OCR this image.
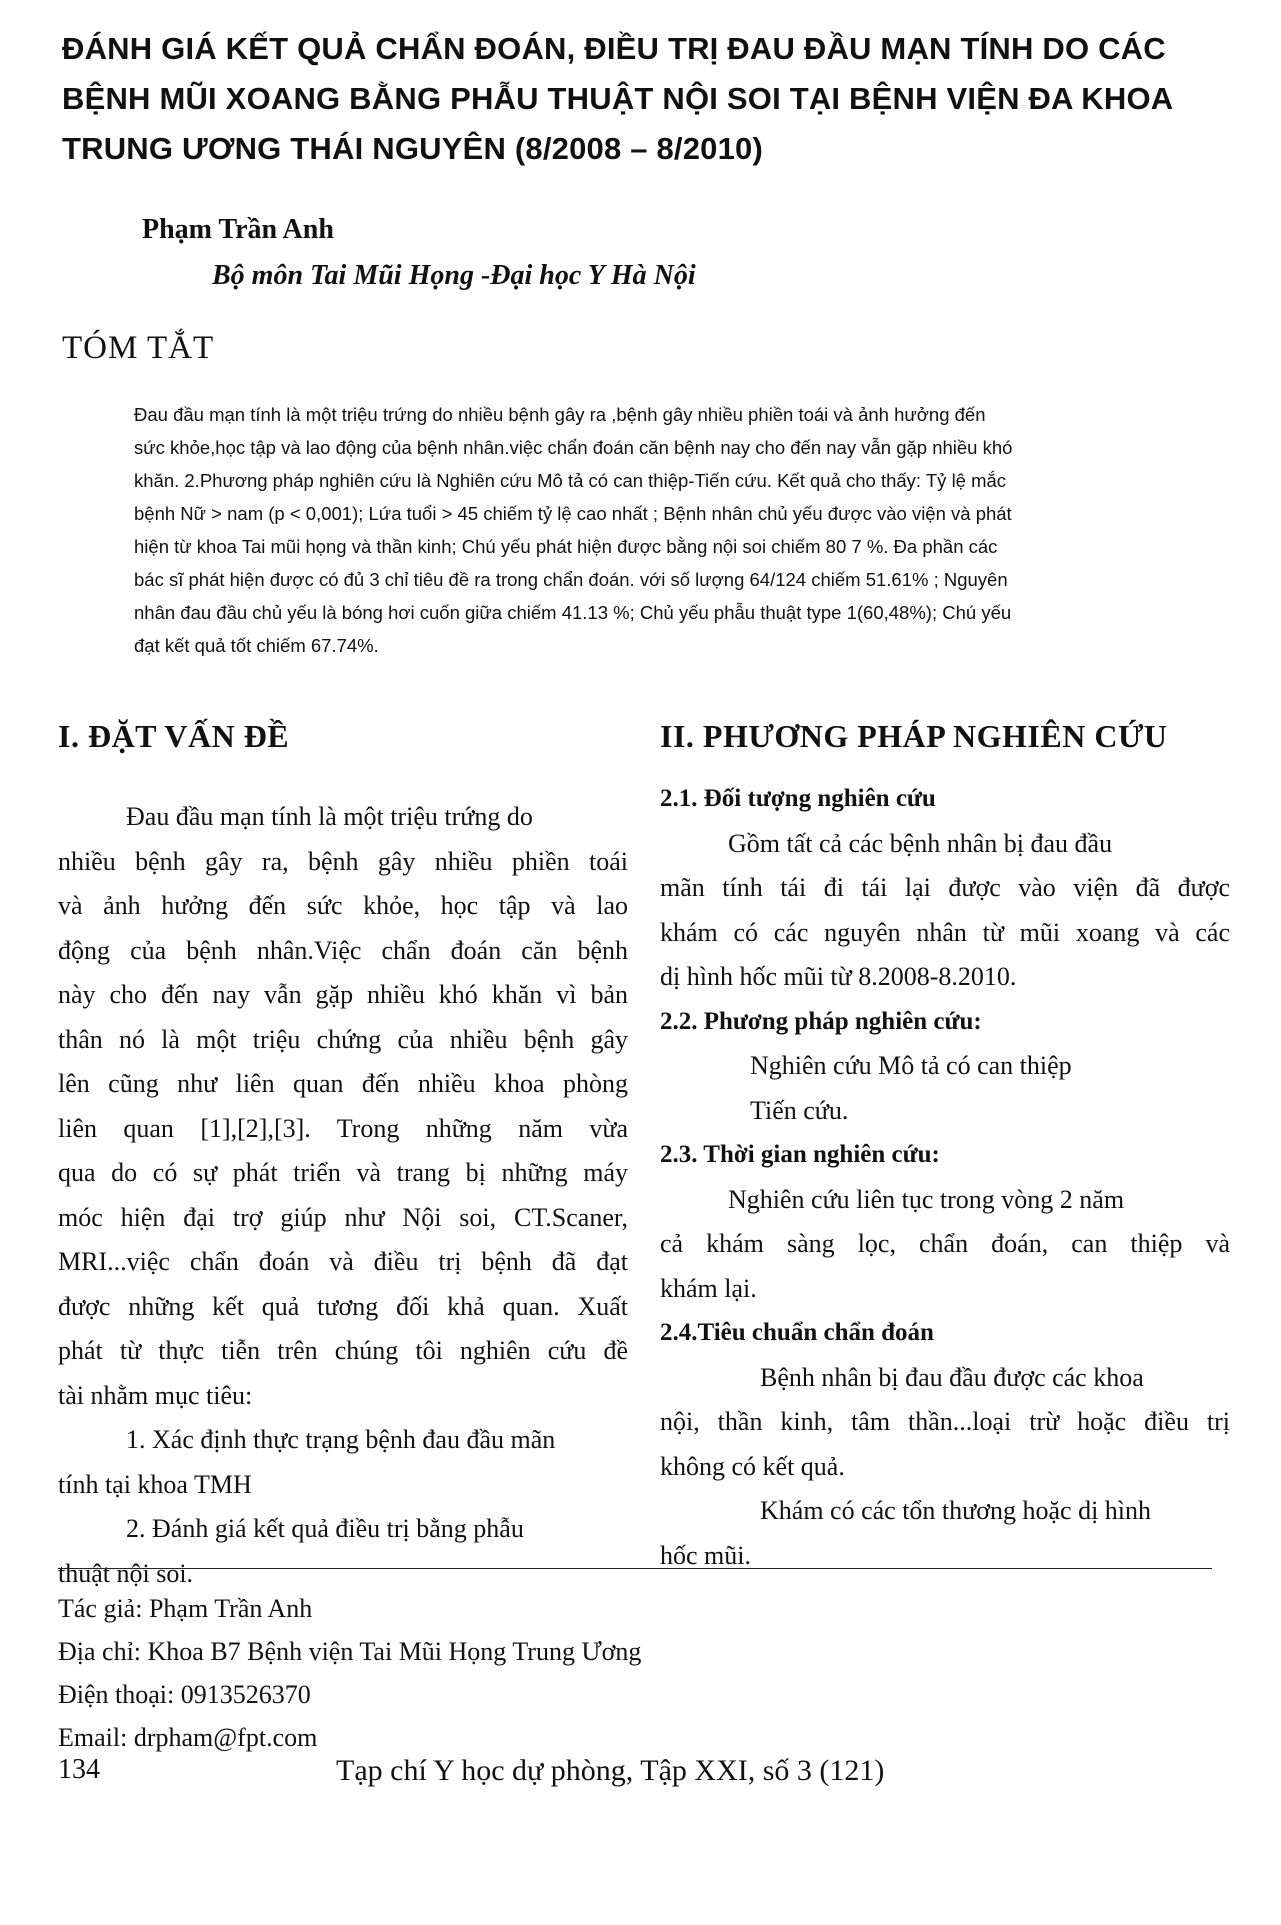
ĐÁNH GIÁ KẾT QUẢ CHẨN ĐOÁN, ĐIỀU TRỊ ĐAU ĐẦU MẠN TÍNH DO CÁC
BỆNH MŨI XOANG BẰNG PHẪU THUẬT NỘI SOI TẠI BỆNH VIỆN ĐA KHOA
TRUNG ƯƠNG THÁI NGUYÊN (8/2008 – 8/2010)
Phạm Trần Anh
Bộ môn Tai Mũi Họng -Đại học Y Hà Nội
TÓM TẮT
Đau đầu mạn tính là một triệu trứng do nhiều bệnh gây ra ,bệnh gây nhiều phiền toái và ảnh hưởng đến
sức khỏe,học tập và lao động của bệnh nhân.việc chẩn đoán căn bệnh nay cho đến nay vẫn gặp nhiều khó
khăn. 2.Phương pháp nghiên cứu là Nghiên cứu Mô tả có can thiệp-Tiến cứu. Kết quả cho thấy: Tỷ lệ mắc
bệnh Nữ > nam (p < 0,001); Lứa tuổi > 45 chiếm tỷ lệ cao nhất ; Bệnh nhân chủ yếu được vào viện và phát
hiện từ khoa Tai mũi họng và thần kinh; Chú yếu phát hiện được bằng nội soi chiếm 80 7 %. Đa phần các
bác sĩ phát hiện được có đủ 3 chỉ tiêu đề ra trong chẩn đoán. với số lượng 64/124 chiếm 51.61% ; Nguyên
nhân đau đầu chủ yếu là bóng hơi cuốn giữa chiếm 41.13 %; Chủ yếu phẫu thuật type 1(60,48%); Chú yếu
đạt kết quả tốt chiếm 67.74%.
I. ĐẶT VẤN ĐỀ
Đau đầu mạn tính là một triệu trứng do
nhiều bệnh gây ra, bệnh gây nhiều phiền toái
và ảnh hưởng đến sức khỏe, học tập và lao
động của bệnh nhân.Việc chẩn đoán căn bệnh
này cho đến nay vẫn gặp nhiều khó khăn vì bản
thân nó là một triệu chứng của nhiều bệnh gây
lên cũng như liên quan đến nhiều khoa phòng
liên quan [1],[2],[3]. Trong những năm vừa
qua do có sự phát triển và trang bị những máy
móc hiện đại trợ giúp như Nội soi, CT.Scaner,
MRI...việc chẩn đoán và điều trị bệnh đã đạt
được những kết quả tương đối khả quan. Xuất
phát từ thực tiễn trên chúng tôi nghiên cứu đề
tài nhằm mục tiêu:
1. Xác định thực trạng bệnh đau đầu mãn
tính tại khoa TMH
2. Đánh giá kết quả điều trị bằng phẫu
thuật nội soi.
II. PHƯƠNG PHÁP NGHIÊN CỨU
2.1. Đối tượng nghiên cứu
Gồm tất cả các bệnh nhân bị đau đầu
mãn tính tái đi tái lại được vào viện đã được
khám có các nguyên nhân từ mũi xoang và các
dị hình hốc mũi từ 8.2008-8.2010.
2.2. Phương pháp nghiên cứu:
Nghiên cứu Mô tả có can thiệp
Tiến cứu.
2.3. Thời gian nghiên cứu:
Nghiên cứu liên tục trong vòng 2 năm
cả khám sàng lọc, chẩn đoán, can thiệp và
khám lại.
2.4.Tiêu chuẩn chẩn đoán
Bệnh nhân bị đau đầu được các khoa
nội, thần kinh, tâm thần...loại trừ hoặc điều trị
không có kết quả.
Khám có các tổn thương hoặc dị hình
hốc mũi.
Tác giả: Phạm Trần Anh
Địa chỉ: Khoa B7 Bệnh viện Tai Mũi Họng Trung Ương
Điện thoại: 0913526370
Email: drpham@fpt.com
134	Tạp chí Y học dự phòng, Tập XXI, số 3 (121)
